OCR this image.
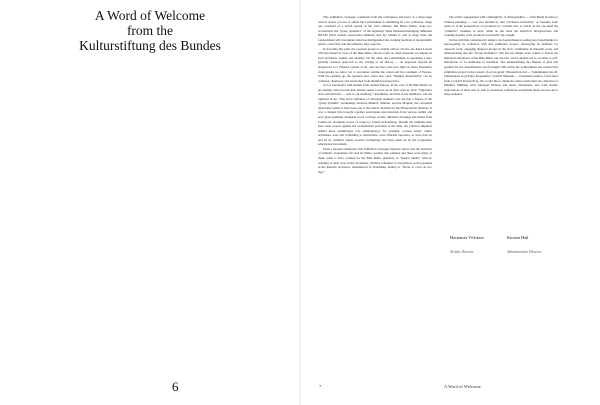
A Word of Welcome
from the
Kulturstiftung des Bundes
6

This exhibition catalogue constitutes both the centerpiece and heart of a three-stage critical review process to which the Lenbachhaus is submitting its own collection. Stage one consisted of a lavish reprint of the 1912 almanac Der Blaue Reiter; stage two reconstructs the "group dynamics" of the legendary Neue Künstlervereinigung München NKVM (New Artists' Association Munich) that lay behind it; and at stage three the Lenbachhaus will investigate what has distinguished the working methods of modernism's artistic collectives and the influence they exercise.

In traveling this path, the research project is doubly radical. On the one hand it deals with the historical roots of the Blue Rider, whose works no other museum can display in such profusion, quality and quantity. On the other, the Lenbachhaus is espousing a new, globally oriented approach to the writing of art history — an approach beyond all allegiances to a Western system of art, and one that casts new light on those alternative avant-gardes we know yet to encounter outside the canon and the continent of Europe. With the opening up, the question now arises how such "multiple modernisms" can be collected, displayed, and researched from multifold perspectives.

As for fascination with stimuli from outside Europe, in the case of the Blue Rider we are dealing with an issue that already seems to have stood with open in 1912. "Opposites and contradictions — that is our harmony," Kandinsky declared in his manifesto. On the Spiritual in Art. This bold conflation of divergent elements was not just a feature of the "group dynamic" awakenings between Munich, Murnau, and the Moghul; the calculated dichotomy seems to have been one of the editors' maxims for Der Blaue Reiter almanac. It was a channel that brought together participants and materials from various realms and eras: glass paintings alongside wood carvings, locally children's drawings and masks from Cameroon, alongside scores of songs by Arnold Schoenberg. Though the lultimate may have been protest against the academicism prevalent at the time, the political impulses behind these assemblages was emancipatory: for example, women artists, where academies were still forbidding to matriculate, were afforded exposure, as were folk art and art by children, whose creative wellsprings had been taken up by the progressive educational movement.

From a modern standpoint, this exhibition catalogue likewise shows that the abolition of aesthetic boundaries also had its limits: women who painted, and there were many of them, seem to have counted for the Blue Rider, primarily as "natural talents" with no standing of their own on the art market; children remained as anonymous as the peasants in the Russian provinces, remembered by Kandinsky mainly as "flocks of color on two legs."

The artists' engagement with a multiplicity of ethnographica — from Benin bronzes to Chinese paintings — was also molded by that "exclusive inclusivity" as Susanne Leeb terms it: if the perspectives on produced by colonial rule, to which on the one hand the "primitive" assumed as such, while on the other the historical idiosyncrasies and contemporaneity of its producers lost hardly any weight.

In line with this contemporary subject, the Lenbachhaus is setting new benchmarks for interrogating its collection with this exhibition project, developing its facilities for outreach work, engaging diaspora groups in the civic community in museum work, and demonstrating that the "Group Dynamics" title has not simply been coined to denote the historical emergence of the Blue Rider, but can also can be understood as a pointer to self-description of an institution in transition. The Kulturstiftung des Bundes is glad and grateful for the determination and foresight with which the Lenbachhaus has tackled this exhibition project in the context of our program "Museum Global — Sammlungen des 20. Jahrhunderts in globaler Perspektive" (Global Museum — Twentieth-Century Collections from a Global Perspective). We would like to thank the entire team under the direction of Matthias Mühling with Annegret Hoberg and Anna Straetmans, and wish further explorations of their own as well as modernist collections worldwide much success and a large audience.

Hortensia Völckers
Artistic Director
Kirsten Haß
Administrative Director
7	A Word of Welcome
